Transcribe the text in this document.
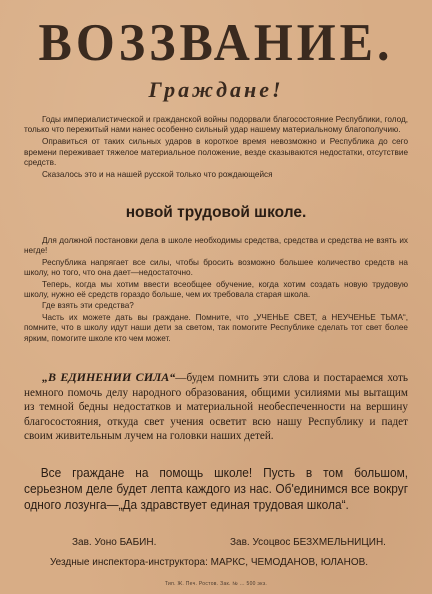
ВОЗЗВАНИЕ.
Граждане!

Годы империалистической и гражданской войны подорвали благосостояние Республики, голод, только что пережитый нами нанес особенно сильный удар нашему материальному благополучию.

Оправиться от таких сильных ударов в короткое время невозможно и Республика до сего времени переживает тяжелое материальное положение, везде сказываются недостатки, отсутствие средств.

Сказалось это и на нашей русской только что рождающейся

новой трудовой школе.

Для должной постановки дела в школе необходимы средства, средства и средства не взять их негде!

Республика напрягает все силы, чтобы бросить возможно большее количество средств на школу, но того, что она дает—недостаточно.

Теперь, когда мы хотим ввести всеобщее обучение, когда хотим создать новую трудовую школу, нужно её средств гораздо больше, чем их требовала старая школа.

Где взять эти средства?

Часть их можете дать вы граждане. Помните, что „УЧЕНЬЕ СВЕТ, а НЕУЧЕНЬЕ ТЬМА“, помните, что в школу идут наши дети за светом, так помогите Республике сделать тот свет более ярким, помогите школе кто чем может.

„В ЕДИНЕНИИ СИЛА“—будем помнить эти слова и постараемся хоть немного помочь делу народного образования, общими усилиями мы вытащим из темной бедны недостатков и материальной необеспеченности на вершину благосостояния, откуда свет учения осветит всю нашу Республику и падет своим живительным лучем на головки наших детей.

Все граждане на помощь школе! Пусть в том большом, серьезном деле будет лепта каждого из нас. Об'единимся все вокруг одного лозунга—„Да здравствует единая трудовая школа“.

Зав. Уоно БАБИН.	Зав. Усоцвос БЕЗХМЕЛЬНИЦИН.
Уездные инспектора-инструктора: МАРКС, ЧЕМОДАНОВ, ЮЛАНОВ.
Тип. Ж. Печ. Ростов. Зак. № ... 500 экз.
